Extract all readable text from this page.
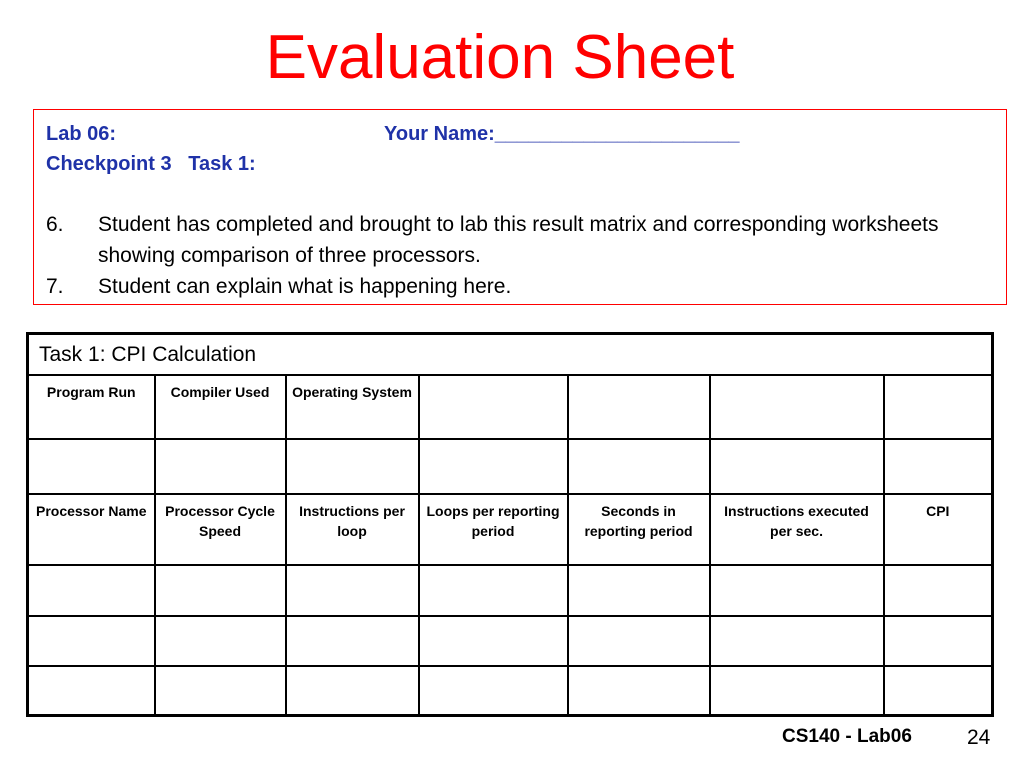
Evaluation Sheet
Lab 06:	Your Name:______________________
Checkpoint 3   Task 1:
6.	Student has completed and brought to lab this result matrix and corresponding worksheets showing comparison of three processors.
7.	Student can explain what is happening here.
Task 1: CPI Calculation						
Program Run	Compiler Used	Operating System				

Processor Name	Processor Cycle Speed	Instructions per loop	Loops per reporting period	Seconds in reporting period	Instructions executed per sec.	CPI

CS140 - Lab06	24
